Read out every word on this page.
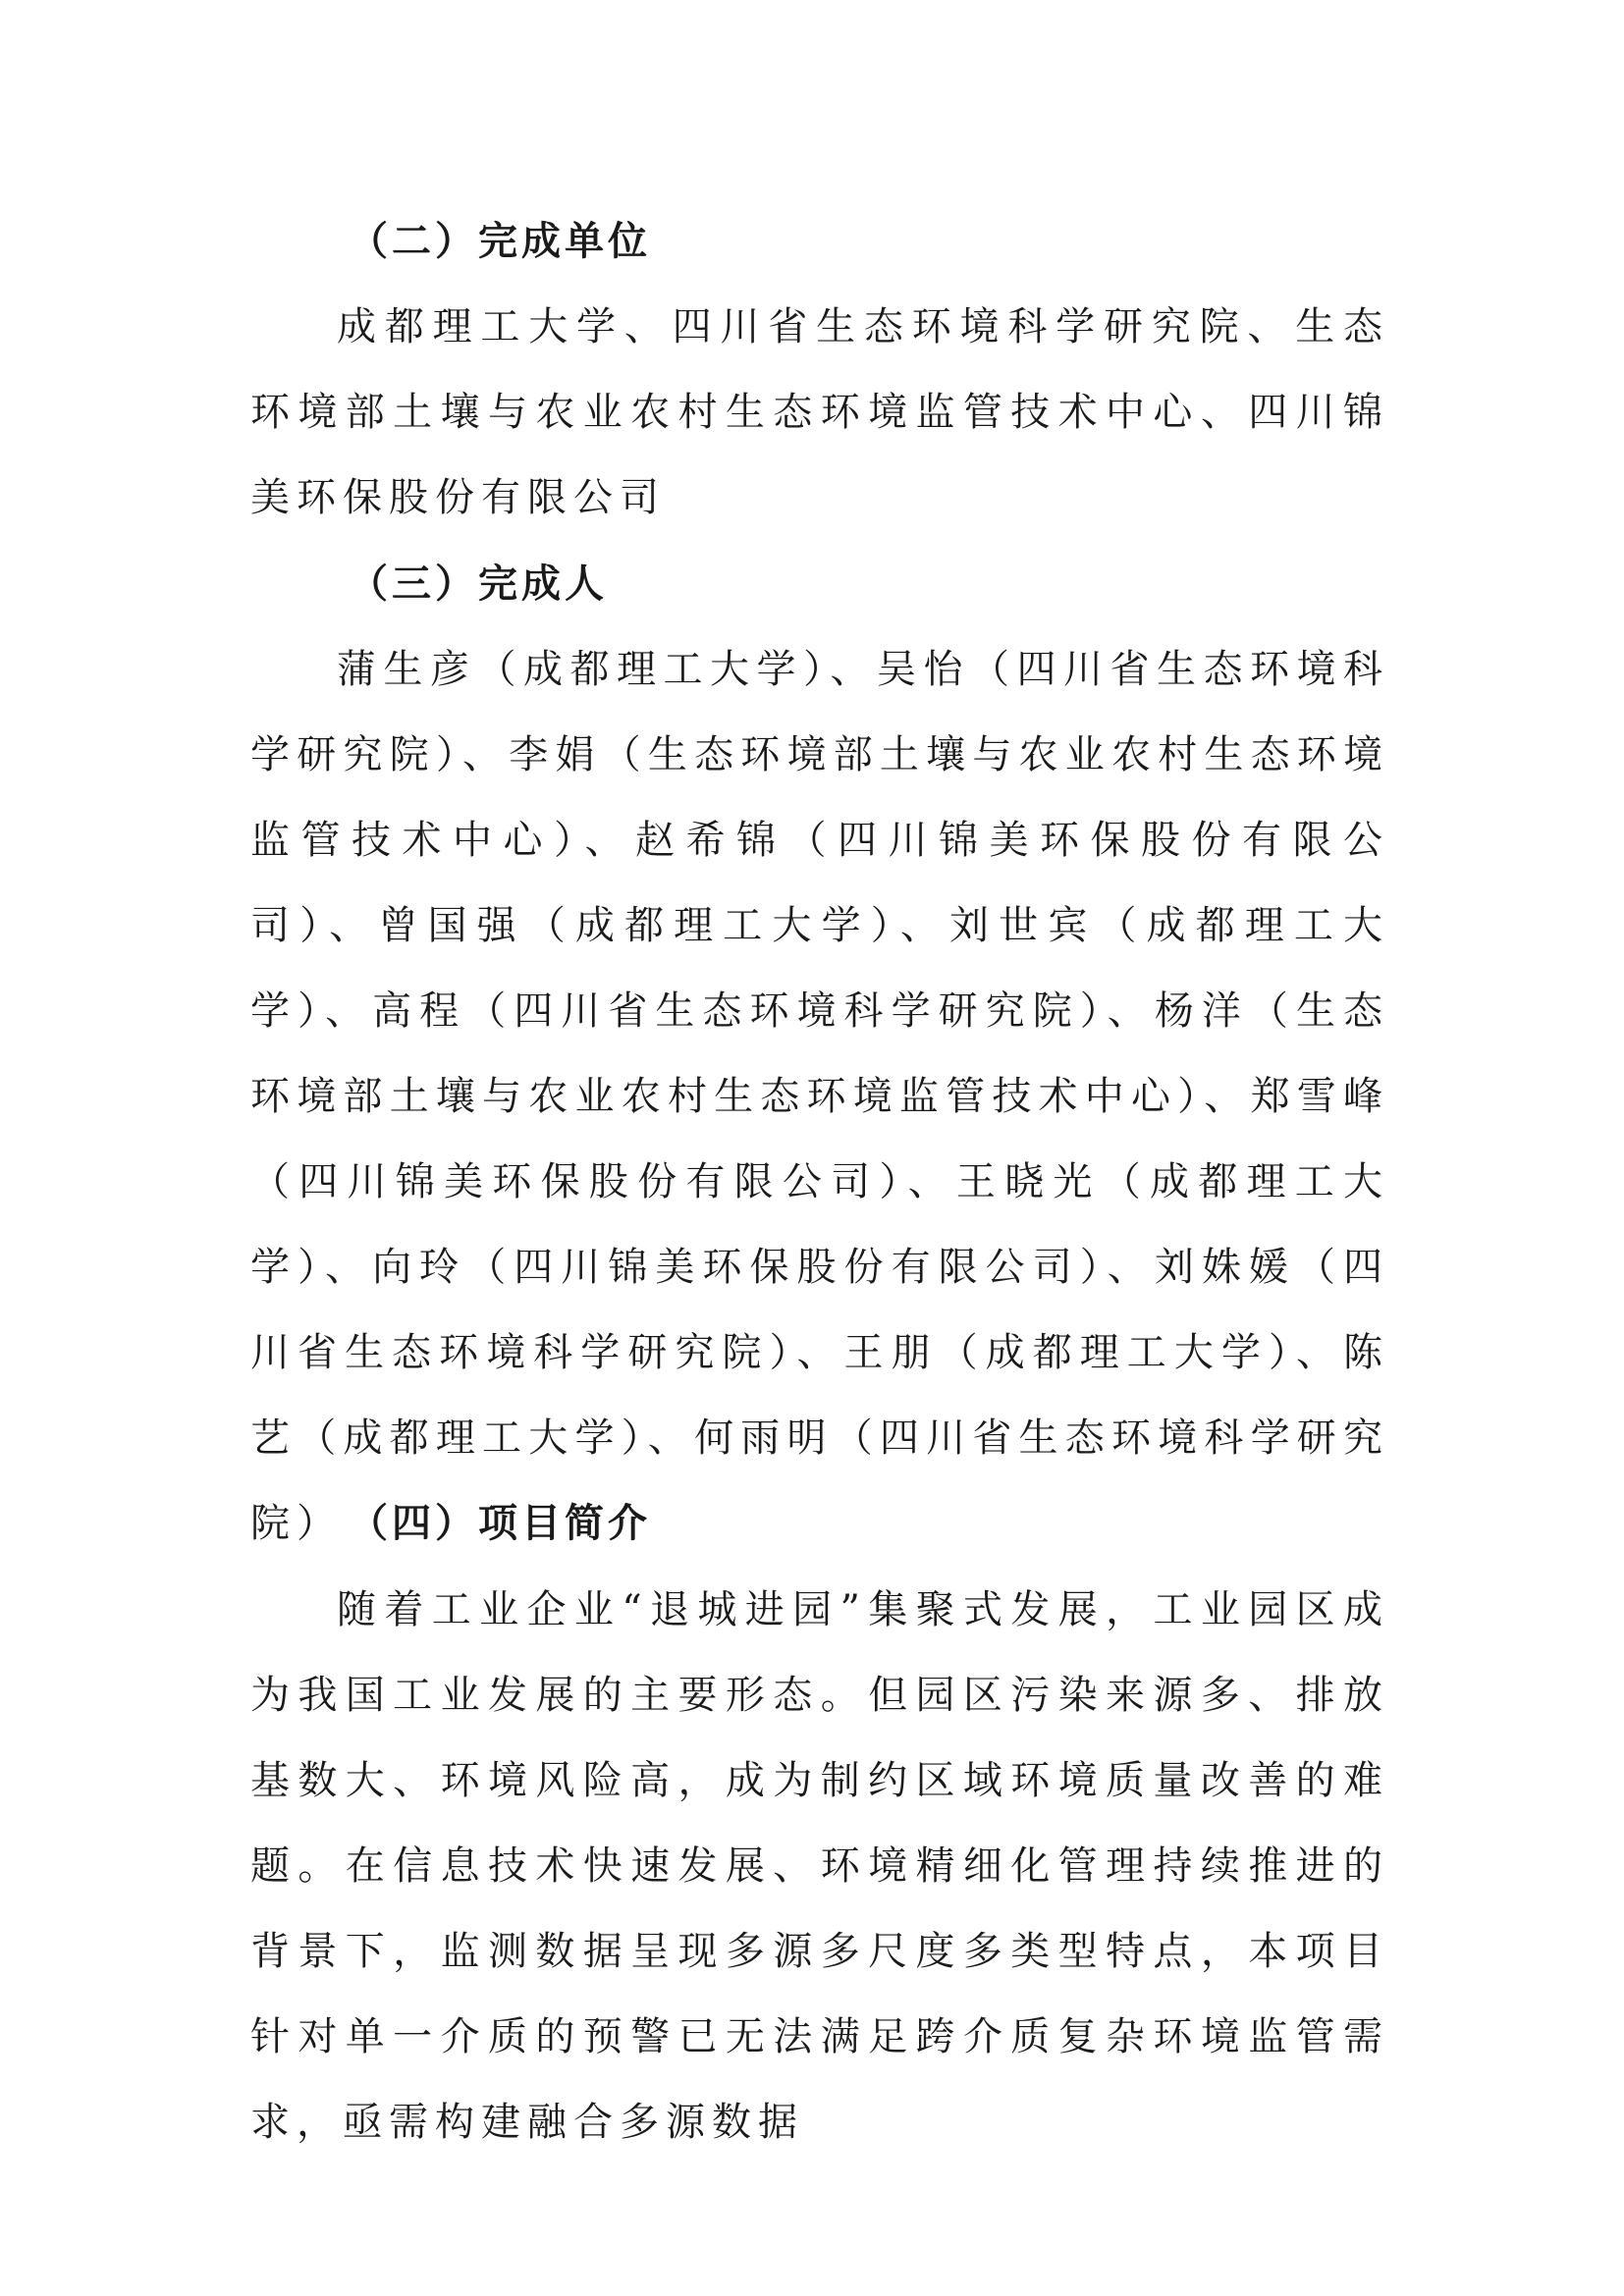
（二）完成单位

成都理工大学、四川省生态环境科学研究院、生态环境部土壤与农业农村生态环境监管技术中心、四川锦美环保股份有限公司

（三）完成人

蒲生彦（成都理工大学）、吴怡（四川省生态环境科学研究院）、李娟（生态环境部土壤与农业农村生态环境监管技术中心）、赵希锦（四川锦美环保股份有限公司）、曾国强（成都理工大学）、刘世宾（成都理工大学）、高程（四川省生态环境科学研究院）、杨洋（生态环境部土壤与农业农村生态环境监管技术中心）、郑雪峰（四川锦美环保股份有限公司）、王晓光（成都理工大学）、向玲（四川锦美环保股份有限公司）、刘姝媛（四川省生态环境科学研究院）、王朋（成都理工大学）、陈艺（成都理工大学）、何雨明（四川省生态环境科学研究院） （四）项目简介

随着工业企业“退城进园”集聚式发展，工业园区成为我国工业发展的主要形态。但园区污染来源多、排放基数大、环境风险高，成为制约区域环境质量改善的难题。在信息技术快速发展、环境精细化管理持续推进的背景下，监测数据呈现多源多尺度多类型特点，本项目针对单一介质的预警已无法满足跨介质复杂环境监管需求，亟需构建融合多源数据
